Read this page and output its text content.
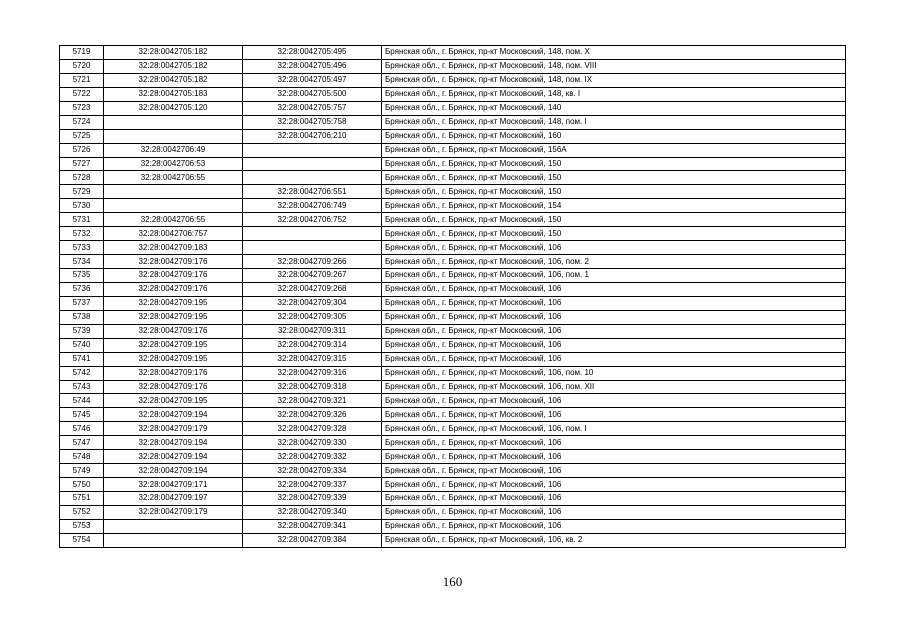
5719	32:28:0042705:182	32:28:0042705:495	Брянская обл., г. Брянск, пр-кт Московский, 148, пом. X
5720	32:28:0042705:182	32:28:0042705:496	Брянская обл., г. Брянск, пр-кт Московский, 148, пом. VIII
5721	32:28:0042705:182	32:28:0042705:497	Брянская обл., г. Брянск, пр-кт Московский, 148, пом. IX
5722	32:28:0042705:183	32:28:0042705:500	Брянская обл., г. Брянск, пр-кт Московский, 148, кв. I
5723	32:28:0042705:120	32:28:0042705:757	Брянская обл., г. Брянск, пр-кт Московский, 140
5724		32:28:0042705:758	Брянская обл., г. Брянск, пр-кт Московский, 148, пом. I
5725		32:28:0042706:210	Брянская обл., г. Брянск, пр-кт Московский, 160
5726	32:28:0042706:49		Брянская обл., г. Брянск, пр-кт Московский, 156А
5727	32:28:0042706:53		Брянская обл., г. Брянск, пр-кт Московский, 150
5728	32:28:0042706:55		Брянская обл., г. Брянск, пр-кт Московский, 150
5729		32:28:0042706:551	Брянская обл., г. Брянск, пр-кт Московский, 150
5730		32:28:0042706:749	Брянская обл., г. Брянск, пр-кт Московский, 154
5731	32:28:0042706:55	32:28:0042706:752	Брянская обл., г. Брянск, пр-кт Московский, 150
5732	32:28:0042706:757		Брянская обл., г. Брянск, пр-кт Московский, 150
5733	32:28:0042709:183		Брянская обл., г. Брянск, пр-кт Московский, 106
5734	32:28:0042709:176	32:28:0042709:266	Брянская обл., г. Брянск, пр-кт Московский, 106, пом. 2
5735	32:28:0042709:176	32:28:0042709:267	Брянская обл., г. Брянск, пр-кт Московский, 106, пом. 1
5736	32:28:0042709:176	32:28:0042709:268	Брянская обл., г. Брянск, пр-кт Московский, 106
5737	32:28:0042709:195	32:28:0042709:304	Брянская обл., г. Брянск, пр-кт Московский, 106
5738	32:28:0042709:195	32:28:0042709:305	Брянская обл., г. Брянск, пр-кт Московский, 106
5739	32:28:0042709:176	32:28:0042709:311	Брянская обл., г. Брянск, пр-кт Московский, 106
5740	32:28:0042709:195	32:28:0042709:314	Брянская обл., г. Брянск, пр-кт Московский, 106
5741	32:28:0042709:195	32:28:0042709:315	Брянская обл., г. Брянск, пр-кт Московский, 106
5742	32:28:0042709:176	32:28:0042709:316	Брянская обл., г. Брянск, пр-кт Московский, 106, пом. 10
5743	32:28:0042709:176	32:28:0042709:318	Брянская обл., г. Брянск, пр-кт Московский, 106, пом. XII
5744	32:28:0042709:195	32:28:0042709:321	Брянская обл., г. Брянск, пр-кт Московский, 106
5745	32:28:0042709:194	32:28:0042709:326	Брянская обл., г. Брянск, пр-кт Московский, 106
5746	32:28:0042709:179	32:28:0042709:328	Брянская обл., г. Брянск, пр-кт Московский, 106, пом. I
5747	32:28:0042709:194	32:28:0042709:330	Брянская обл., г. Брянск, пр-кт Московский, 106
5748	32:28:0042709:194	32:28:0042709:332	Брянская обл., г. Брянск, пр-кт Московский, 106
5749	32:28:0042709:194	32:28:0042709:334	Брянская обл., г. Брянск, пр-кт Московский, 106
5750	32:28:0042709:171	32:28:0042709:337	Брянская обл., г. Брянск, пр-кт Московский, 106
5751	32:28:0042709:197	32:28:0042709:339	Брянская обл., г. Брянск, пр-кт Московский, 106
5752	32:28:0042709:179	32:28:0042709:340	Брянская обл., г. Брянск, пр-кт Московский, 106
5753		32:28:0042709:341	Брянская обл., г. Брянск, пр-кт Московский, 106
5754		32:28:0042709:384	Брянская обл., г. Брянск, пр-кт Московский, 106, кв. 2
160
